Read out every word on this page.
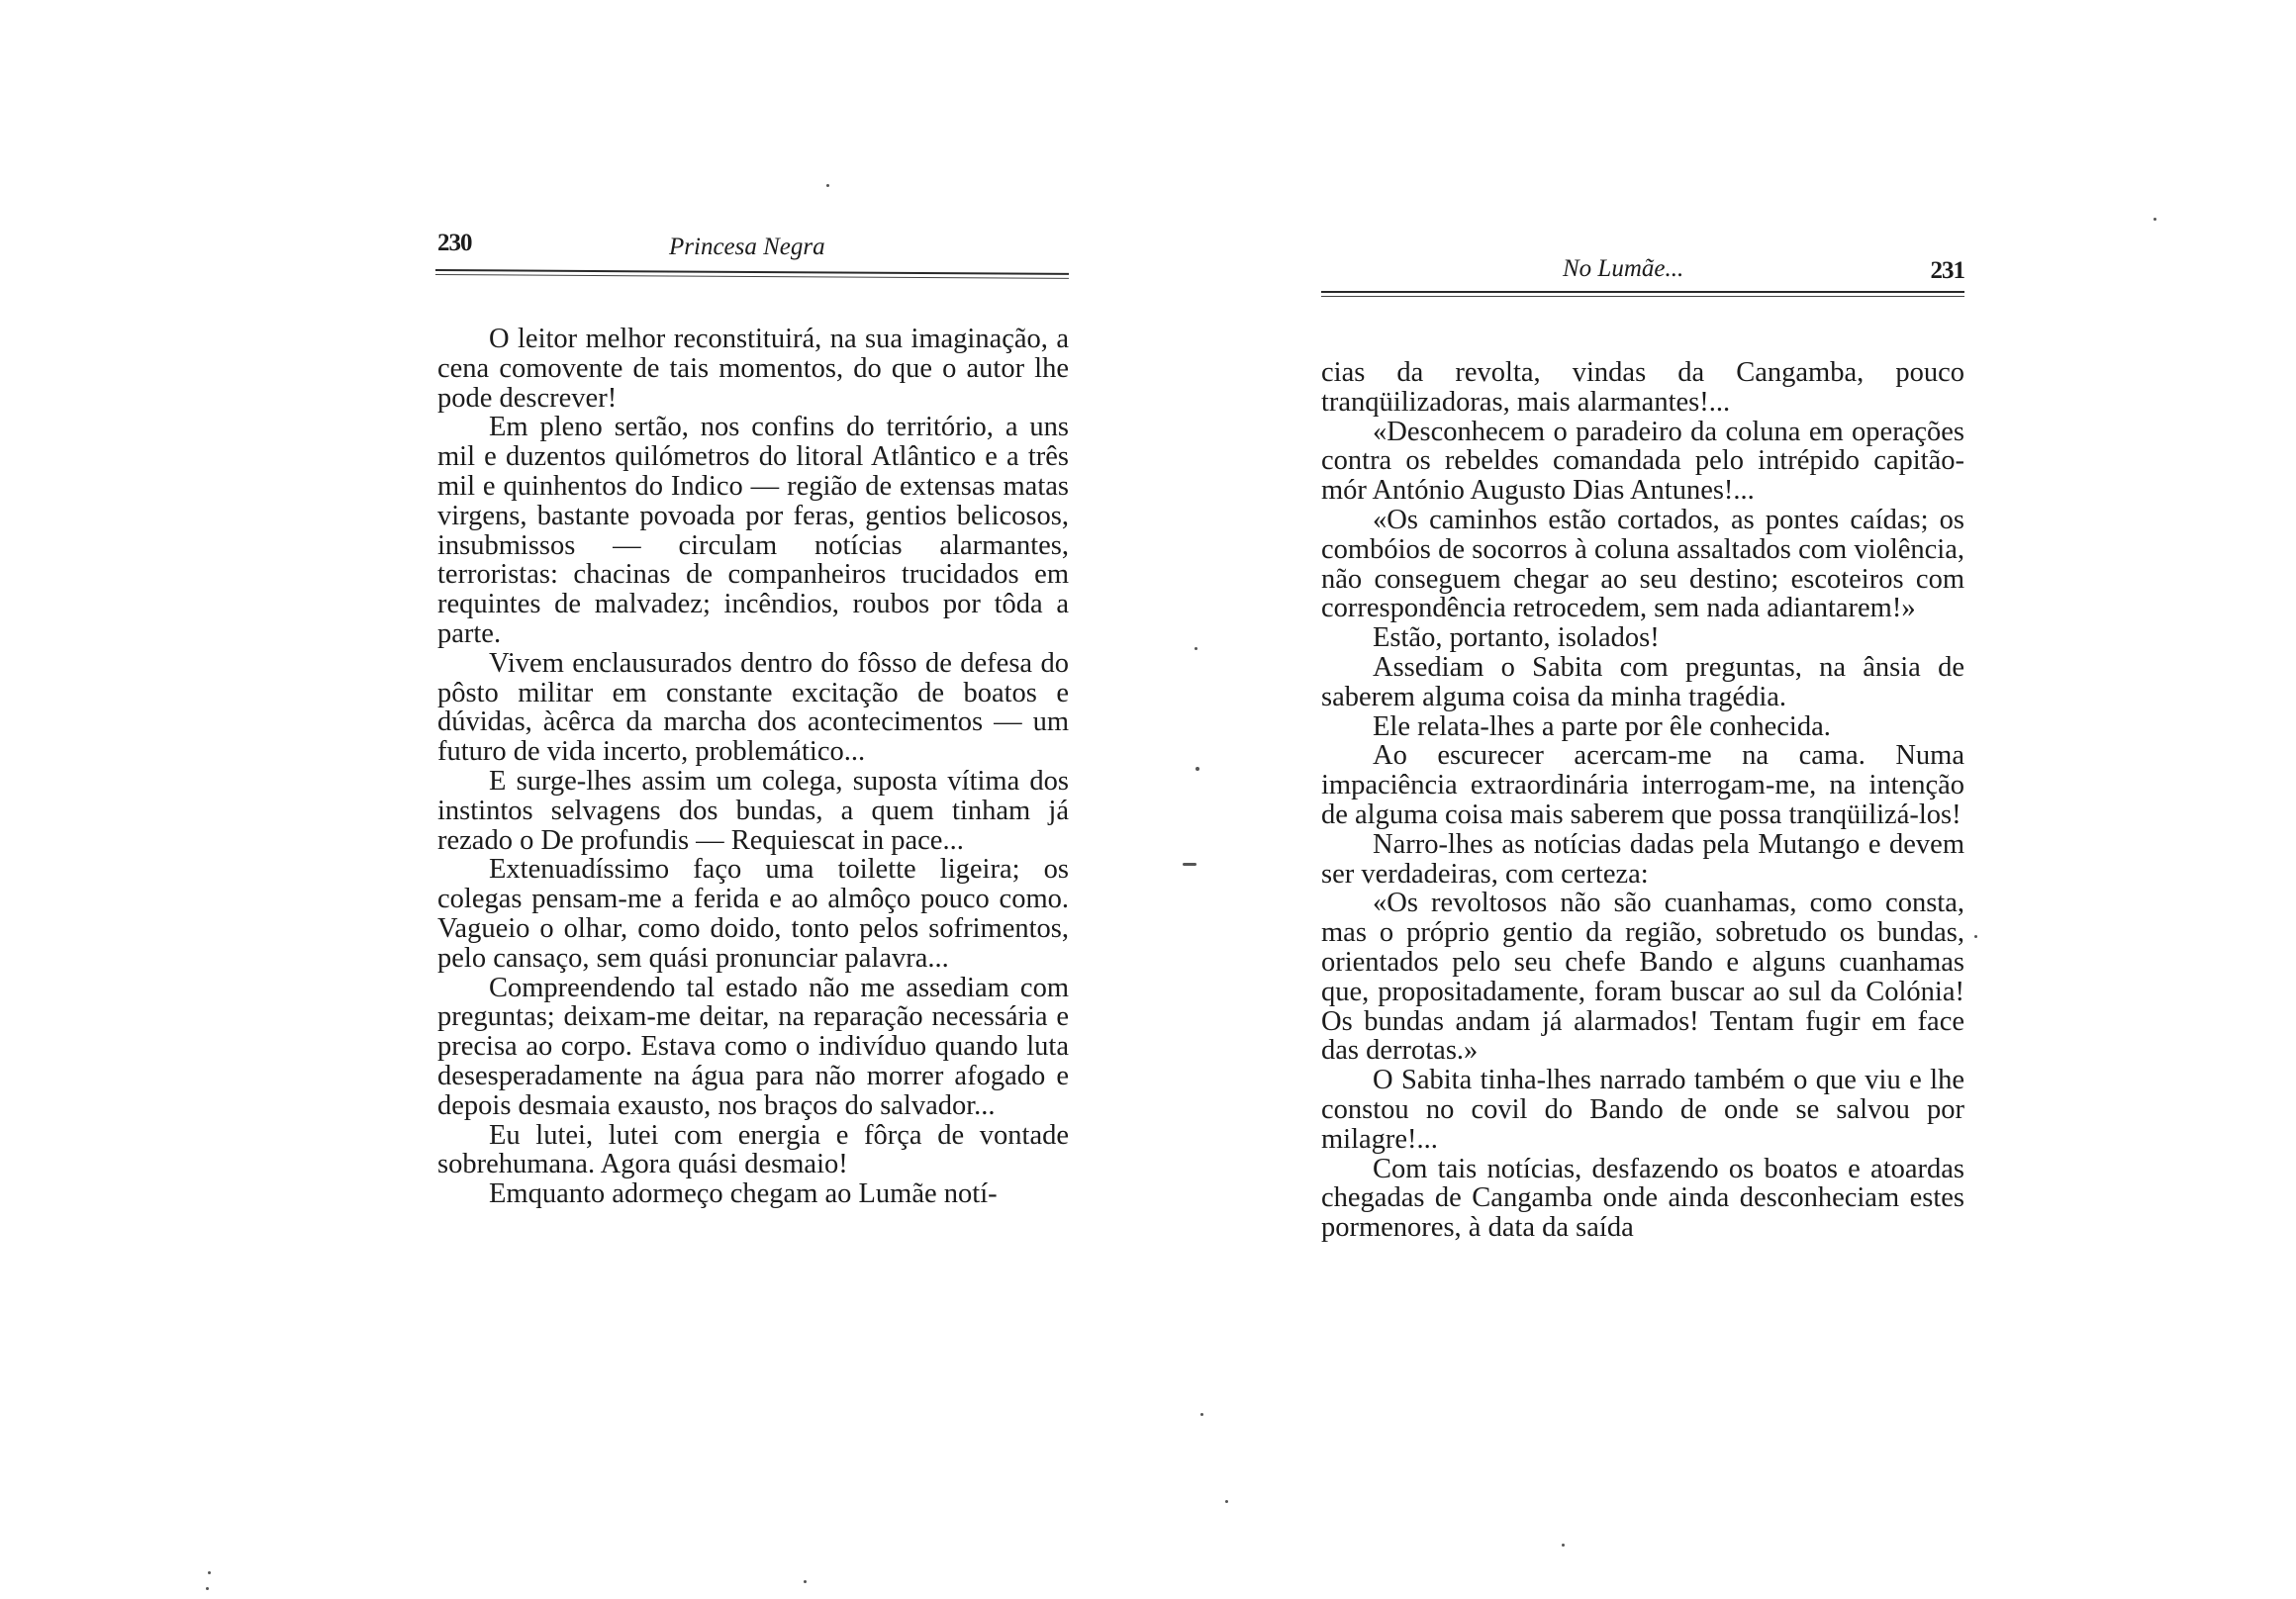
230	Princesa Negra

O leitor melhor reconstituirá, na sua imaginação, a cena comovente de tais momentos, do que o autor lhe pode descrever!

Em pleno sertão, nos confins do território, a uns mil e duzentos quilómetros do litoral Atlântico e a três mil e quinhentos do Indico — região de extensas matas virgens, bastante povoada por feras, gentios belicosos, insubmissos — circulam notícias alarmantes, terroristas: chacinas de companheiros trucidados em requintes de malvadez; incêndios, roubos por tôda a parte.

Vivem enclausurados dentro do fôsso de defesa do pôsto militar em constante excitação de boatos e dúvidas, àcêrca da marcha dos acontecimentos — um futuro de vida incerto, problemático...

E surge-lhes assim um colega, suposta vítima dos instintos selvagens dos bundas, a quem tinham já rezado o De profundis — Requiescat in pace...

Extenuadíssimo faço uma toilette ligeira; os colegas pensam-me a ferida e ao almôço pouco como. Vagueio o olhar, como doido, tonto pelos sofrimentos, pelo cansaço, sem quási pronunciar palavra...

Compreendendo tal estado não me assediam com preguntas; deixam-me deitar, na reparação necessária e precisa ao corpo. Estava como o indivíduo quando luta desesperadamente na água para não morrer afogado e depois desmaia exausto, nos braços do salvador...

Eu lutei, lutei com energia e fôrça de vontade sobrehumana. Agora quási desmaio!

Emquanto adormeço chegam ao Lumãe notí-

No Lumãe...	231

cias da revolta, vindas da Cangamba, pouco tranqüilizadoras, mais alarmantes!...

«Desconhecem o paradeiro da coluna em operações contra os rebeldes comandada pelo intrépido capitão-mór António Augusto Dias Antunes!...

«Os caminhos estão cortados, as pontes caídas; os combóios de socorros à coluna assaltados com violência, não conseguem chegar ao seu destino; escoteiros com correspondência retrocedem, sem nada adiantarem!»

Estão, portanto, isolados!

Assediam o Sabita com preguntas, na ânsia de saberem alguma coisa da minha tragédia.

Ele relata-lhes a parte por êle conhecida.

Ao escurecer acercam-me na cama. Numa impaciência extraordinária interrogam-me, na intenção de alguma coisa mais saberem que possa tranqüilizá-los!

Narro-lhes as notícias dadas pela Mutango e devem ser verdadeiras, com certeza:

«Os revoltosos não são cuanhamas, como consta, mas o próprio gentio da região, sobretudo os bundas, orientados pelo seu chefe Bando e alguns cuanhamas que, propositadamente, foram buscar ao sul da Colónia! Os bundas andam já alarmados! Tentam fugir em face das derrotas.»

O Sabita tinha-lhes narrado também o que viu e lhe constou no covil do Bando de onde se salvou por milagre!...

Com tais notícias, desfazendo os boatos e atoardas chegadas de Cangamba onde ainda desconheciam estes pormenores, à data da saída
